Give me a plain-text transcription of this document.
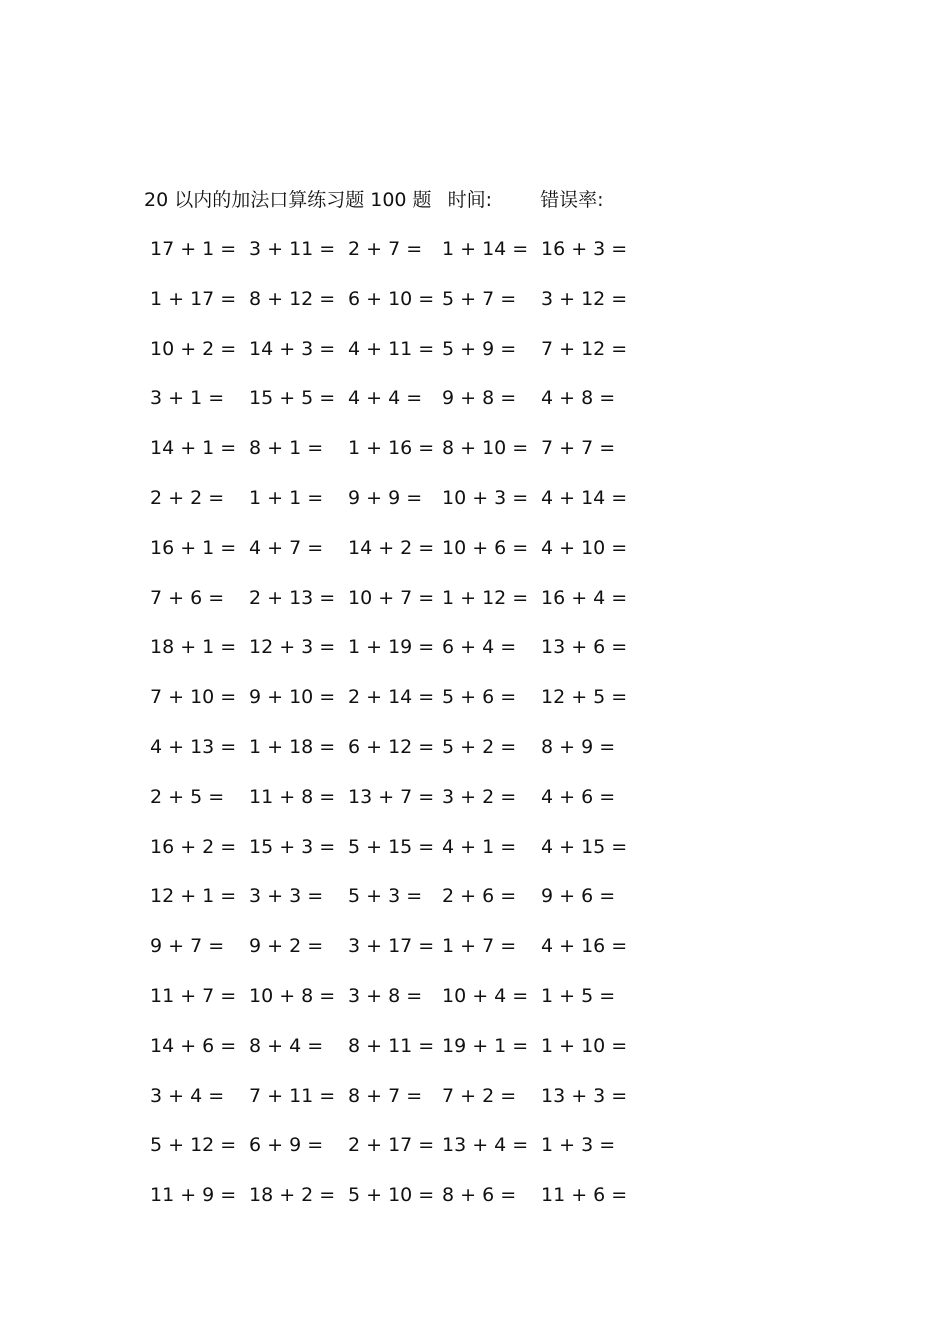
20 以内的加法口算练习题 100 题 时间:	错误率:
17 + 1 = 3 + 11 = 2 + 7 = 1 + 14 = 16 + 3 =
1 + 17 = 8 + 12 = 6 + 10 = 5 + 7 = 3 + 12 =
10 + 2 = 14 + 3 = 4 + 11 = 5 + 9 = 7 + 12 =
3 + 1 = 15 + 5 = 4 + 4 = 9 + 8 = 4 + 8 =
14 + 1 = 8 + 1 = 1 + 16 = 8 + 10 = 7 + 7 =
2 + 2 = 1 + 1 = 9 + 9 = 10 + 3 = 4 + 14 =
16 + 1 = 4 + 7 = 14 + 2 = 10 + 6 = 4 + 10 =
7 + 6 = 2 + 13 = 10 + 7 = 1 + 12 = 16 + 4 =
18 + 1 = 12 + 3 = 1 + 19 = 6 + 4 = 13 + 6 =
7 + 10 = 9 + 10 = 2 + 14 = 5 + 6 = 12 + 5 =
4 + 13 = 1 + 18 = 6 + 12 = 5 + 2 = 8 + 9 =
2 + 5 = 11 + 8 = 13 + 7 = 3 + 2 = 4 + 6 =
16 + 2 = 15 + 3 = 5 + 15 = 4 + 1 = 4 + 15 =
12 + 1 = 3 + 3 = 5 + 3 = 2 + 6 = 9 + 6 =
9 + 7 = 9 + 2 = 3 + 17 = 1 + 7 = 4 + 16 =
11 + 7 = 10 + 8 = 3 + 8 = 10 + 4 = 1 + 5 =
14 + 6 = 8 + 4 = 8 + 11 = 19 + 1 = 1 + 10 =
3 + 4 = 7 + 11 = 8 + 7 = 7 + 2 = 13 + 3 =
5 + 12 = 6 + 9 = 2 + 17 = 13 + 4 = 1 + 3 =
11 + 9 = 18 + 2 = 5 + 10 = 8 + 6 = 11 + 6 =
